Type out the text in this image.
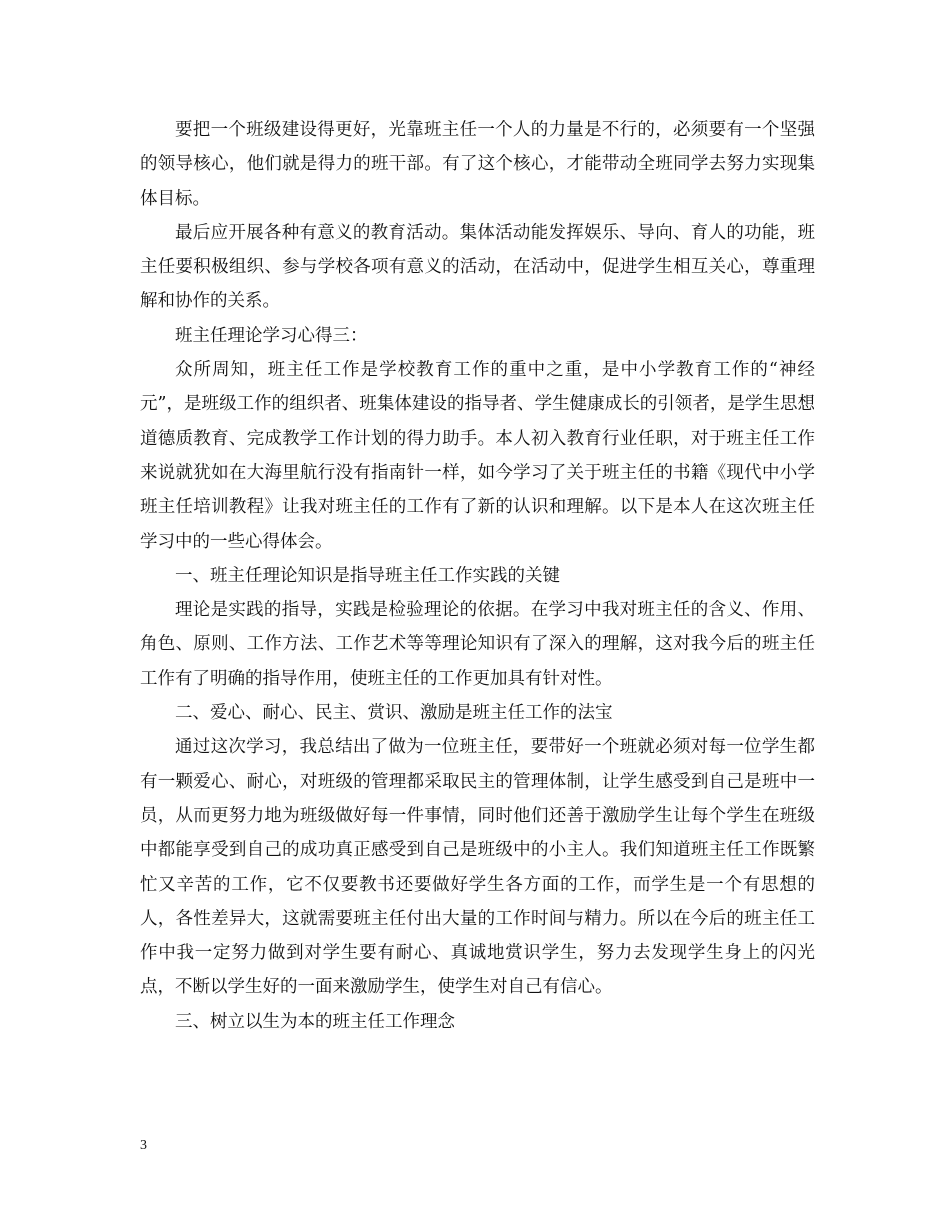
要把一个班级建设得更好，光靠班主任一个人的力量是不行的，必须要有一个坚强的领导核心，他们就是得力的班干部。有了这个核心，才能带动全班同学去努力实现集体目标。

最后应开展各种有意义的教育活动。集体活动能发挥娱乐、导向、育人的功能，班主任要积极组织、参与学校各项有意义的活动，在活动中，促进学生相互关心，尊重理解和协作的关系。

班主任理论学习心得三：

众所周知，班主任工作是学校教育工作的重中之重，是中小学教育工作的“神经元”，是班级工作的组织者、班集体建设的指导者、学生健康成长的引领者，是学生思想道德质教育、完成教学工作计划的得力助手。本人初入教育行业任职，对于班主任工作来说就犹如在大海里航行没有指南针一样，如今学习了关于班主任的书籍《现代中小学班主任培训教程》让我对班主任的工作有了新的认识和理解。以下是本人在这次班主任学习中的一些心得体会。

一、班主任理论知识是指导班主任工作实践的关键

理论是实践的指导，实践是检验理论的依据。在学习中我对班主任的含义、作用、角色、原则、工作方法、工作艺术等等理论知识有了深入的理解，这对我今后的班主任工作有了明确的指导作用，使班主任的工作更加具有针对性。

二、爱心、耐心、民主、赏识、激励是班主任工作的法宝

通过这次学习，我总结出了做为一位班主任，要带好一个班就必须对每一位学生都有一颗爱心、耐心，对班级的管理都采取民主的管理体制，让学生感受到自己是班中一员，从而更努力地为班级做好每一件事情，同时他们还善于激励学生让每个学生在班级中都能享受到自己的成功真正感受到自己是班级中的小主人。我们知道班主任工作既繁忙又辛苦的工作，它不仅要教书还要做好学生各方面的工作，而学生是一个有思想的人，各性差异大，这就需要班主任付出大量的工作时间与精力。所以在今后的班主任工作中我一定努力做到对学生要有耐心、真诚地赏识学生，努力去发现学生身上的闪光点，不断以学生好的一面来激励学生，使学生对自己有信心。

三、树立以生为本的班主任工作理念

3
